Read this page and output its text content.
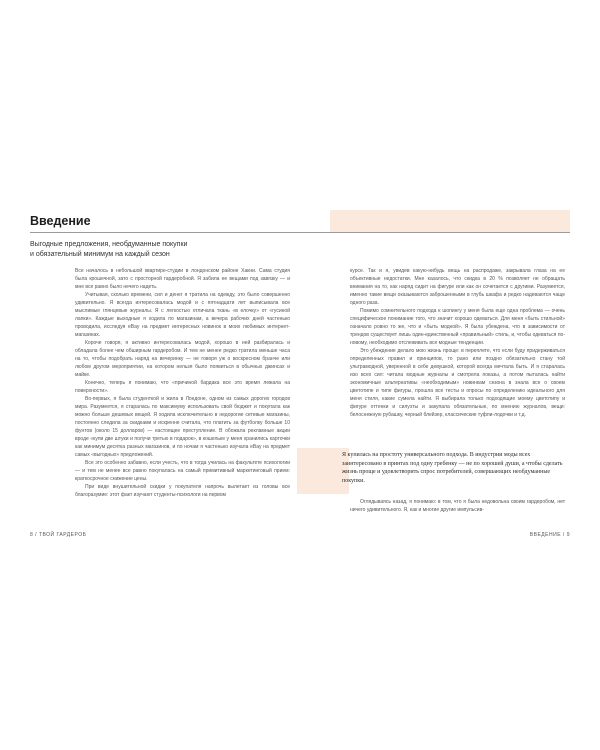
Введение
Выгодные предложения, необдуманные покупки
и обязательный минимум на каждый сезон

Все началось в небольшой квартире-студии в лондонском районе Хакни. Сама студия была крошечной, зато с просторной гардеробной. Я забила ее вещами под завязку — и мне все равно было нечего надеть.

Учитывая, сколько времени, сил и денег я тратила на одежду, это было совершенно удивительно. Я всегда интересовалась модой и с пятнадцати лет выписывала все мыслимые глянцевые журналы. Я с легкостью отличала ткань «в елочку» от «гусиной лапки». Каждые выходные я ходила по магазинам, а вечера рабочих дней частенько проводила, исследуя eBay на предмет интересных новинок в моих любимых интернет-магазинах.

Короче говоря, я активно интересовалась модой, хорошо в ней разбиралась и обладала более чем обширным гардеробом. И тем не менее редко тратила меньше часа на то, чтобы подобрать наряд на вечеринку — не говоря уж о воскресном бранче или любом другом мероприятии, на котором нельзя было появиться в обычных джинсах и майке.

Конечно, теперь я понимаю, что «причиной бардака все это время лежала на поверхности».

Во-первых, я была студенткой и жила в Лондоне, одном из самых дорогих городов мира. Разумеется, я старалась по максимуму использовать свой бюджет и покупала как можно больше дешевых вещей. Я ходила исключительно в недорогие сетевые магазины, постоянно следила за скидками и искренне считала, что платить за футболку больше 10 фунтов (около 15 долларов) — настоящее преступление. В обожала рекламные акции вроде «купи две штуки и получи третью в подарок», в кошельке у меня хранились карточки как минимум десятка разных магазинов, и по ночам я частенько изучала eBay на предмет самых «выгодных» предложений.

Все это особенно забавно, если учесть, что в тогда училась на факультете психологии — и тем не менее все равно покупалась на самый примитивный маркетинговый прием: краткосрочное снижение цены.

При виде внушительной скидки у покупателя напрочь вылетает из головы все благоразумие: этот факт изучают студенты-психологи на первом

курсе. Так и я, увидев какую-нибудь вещь на распродаже, закрывала глаза на ее объективные недостатки. Мне казалось, что скидка в 20 % позволяет не обращать внимания на то, как наряд сидит на фигуре или как он сочетается с другими. Разумеется, именно такие вещи оказываются заброшенными в глубь шкафа и редко надеваются чаще одного раза.

Помимо сомнительного подхода к шопингу у меня была еще одна проблема — очень специфическое понимание того, что значит хорошо одеваться. Для меня «быть стильной» означало ровно то же, что и «быть модной». Я была убеждена, что в зависимости от трендов существует лишь один-единственный «правильный» стиль, и, чтобы одеваться по-новому, необходимо отслеживать все модные тенденции.

Это убеждение делало мою жизнь проще: в переплете, что если буду придерживаться определенных правил и принципов, то рано или поздно обязательно стану той ультрамодной, уверенной в себе девушкой, которой всегда мечтала быть. И я старалась изо всех сил: читала модные журналы и смотрела показы, а потом пыталась найти экономичные альтернативы «необходимым» новинкам сезона в знала все о своем цветотипе и типе фигуры, прошла все тесты и опросы по определению идеального для меня стиля, какие сумела найти. Я выбирала только подходящие моему цветотипу и фигуре оттенки и силуэты и закупала обязательные, по мнению журналов, вещи: белоснежную рубашку, черный блейзер, классические туфли-лодочки и т.д.

Я купилась на простоту универсального подхода. В индустрии моды всех заинтересовано в принтах под одну гребенку — не по хорошей души, а чтобы сделать жизнь проще и удовлетворить спрос потребителей, совершающих необдуманные покупки.

Оглядываясь назад, я понимаю: в том, что я была недовольна своим гардеробом, нет ничего удивительного. Я, как и многие другие импульсив-

8 / ТВОЙ ГАРДЕРОБ	ВВЕДЕНИЕ / 9
